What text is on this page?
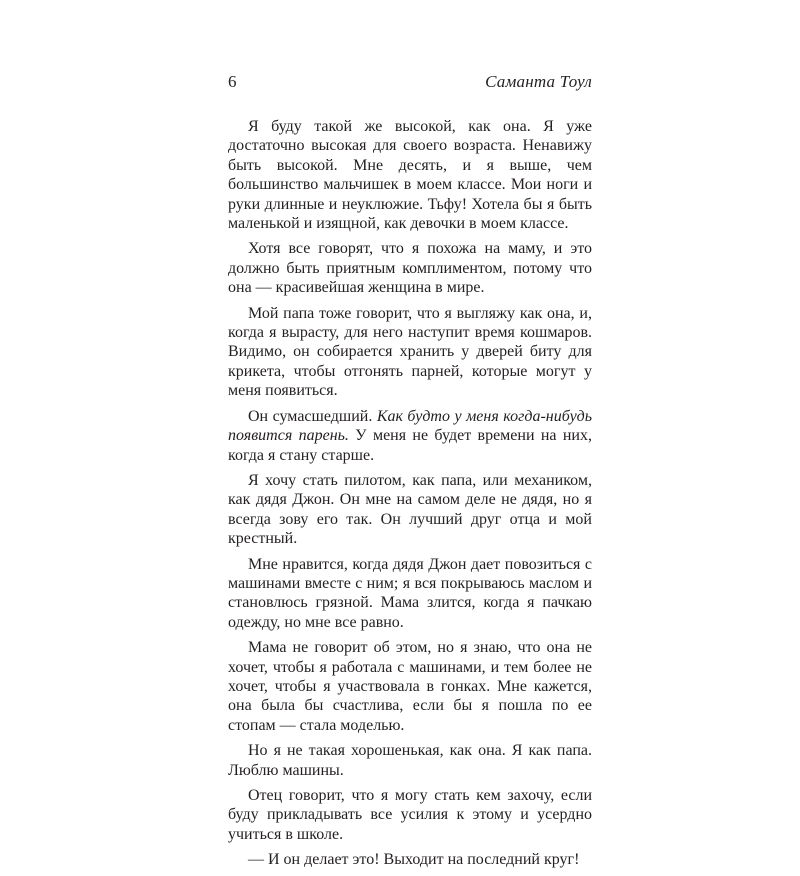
6	Саманта Тоул

Я буду такой же высокой, как она. Я уже достаточно высокая для своего возраста. Ненавижу быть высокой. Мне десять, и я выше, чем большинство мальчишек в моем классе. Мои ноги и руки длинные и неуклюжие. Тьфу! Хотела бы я быть маленькой и изящной, как девочки в моем классе.

Хотя все говорят, что я похожа на маму, и это должно быть приятным комплиментом, потому что она — красивейшая женщина в мире.

Мой папа тоже говорит, что я выгляжу как она, и, когда я вырасту, для него наступит время кошмаров. Видимо, он собирается хранить у дверей биту для крикета, чтобы отгонять парней, которые могут у меня появиться.

Он сумасшедший. Как будто у меня когда-нибудь появится парень. У меня не будет времени на них, когда я стану старше.

Я хочу стать пилотом, как папа, или механиком, как дядя Джон. Он мне на самом деле не дядя, но я всегда зову его так. Он лучший друг отца и мой крестный.

Мне нравится, когда дядя Джон дает повозиться с машинами вместе с ним; я вся покрываюсь маслом и становлюсь грязной. Мама злится, когда я пачкаю одежду, но мне все равно.

Мама не говорит об этом, но я знаю, что она не хочет, чтобы я работала с машинами, и тем более не хочет, чтобы я участвовала в гонках. Мне кажется, она была бы счастлива, если бы я пошла по ее стопам — стала моделью.

Но я не такая хорошенькая, как она. Я как папа. Люблю машины.

Отец говорит, что я могу стать кем захочу, если буду прикладывать все усилия к этому и усердно учиться в школе.

— И он делает это! Выходит на последний круг!
